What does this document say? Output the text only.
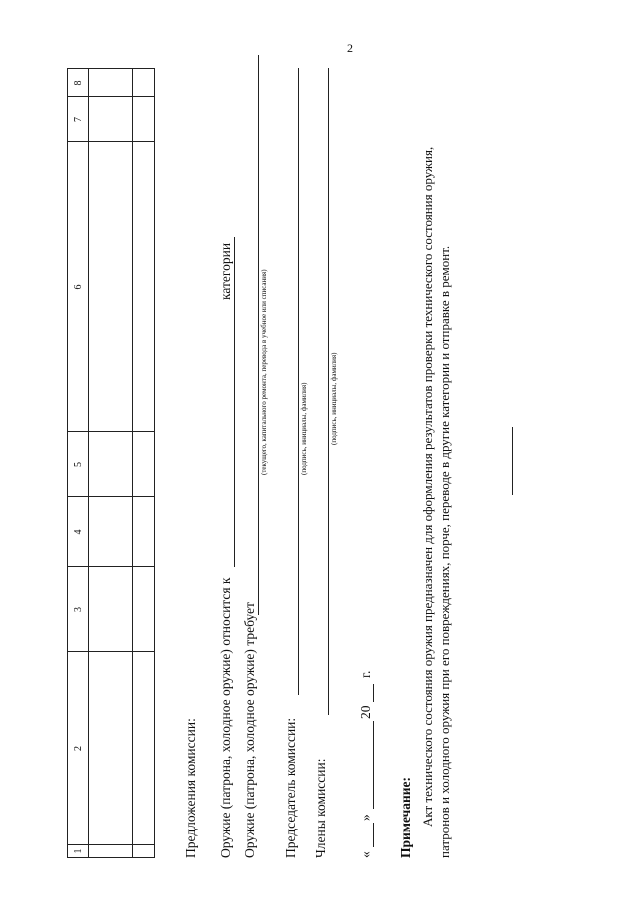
2
1
2
3
4
5
6
7
8
Предложения комиссии: Оружие (патрона, холодное оружие) относится к
категории
Оружие (патрона, холодное оружие) требует
(текущего, капитального ремонта, перевода в учебное или списания)
Председатель комиссии:
(подпись, инициалы, фамилия)
Члены комиссии:
(подпись, инициалы, фамилия)
«
»
20
г.
Примечание: Акт технического состояния оружия предназначен для оформления результатов проверки технического состояния оружия, патронов и холодного оружия при его повреждениях, порче, переводе в другие категории и отправке в ремонт.
